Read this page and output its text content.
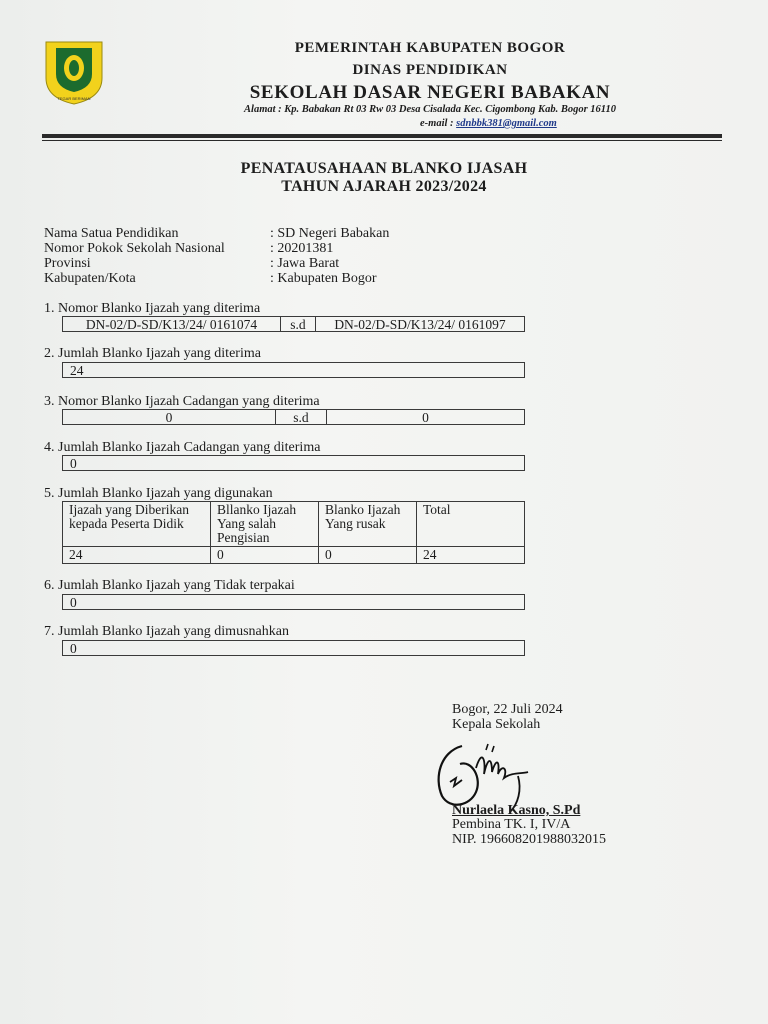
TEGAR BERIMAN
PEMERINTAH KABUPATEN BOGOR
DINAS PENDIDIKAN
SEKOLAH DASAR NEGERI BABAKAN
Alamat : Kp. Babakan Rt 03 Rw 03 Desa Cisalada Kec. Cigombong Kab. Bogor 16110
e-mail : sdnbbk381@gmail.com
PENATAUSAHAAN BLANKO IJASAH
TAHUN AJARAH 2023/2024
Nama Satua Pendidikan	: SD Negeri Babakan
Nomor Pokok Sekolah Nasional	: 20201381
Provinsi	: Jawa Barat
Kabupaten/Kota	: Kabupaten Bogor
1. Nomor Blanko Ijazah yang diterima
DN-02/D-SD/K13/24/ 0161074	s.d	DN-02/D-SD/K13/24/ 0161097
2. Jumlah Blanko Ijazah yang diterima
24
3. Nomor Blanko Ijazah Cadangan yang diterima
0	s.d	0
4. Jumlah Blanko Ijazah Cadangan yang diterima
0
5. Jumlah Blanko Ijazah yang digunakan
Ijazah yang Diberikan kepada Peserta Didik	Bllanko Ijazah Yang salah Pengisian	Blanko Ijazah Yang rusak	Total
24	0	0	24
6. Jumlah Blanko Ijazah yang Tidak terpakai
0
7. Jumlah Blanko Ijazah yang dimusnahkan
0
Bogor, 22 Juli 2024
Kepala Sekolah
Nurlaela Kasno, S.Pd
Pembina TK. I, IV/A
NIP. 196608201988032015
